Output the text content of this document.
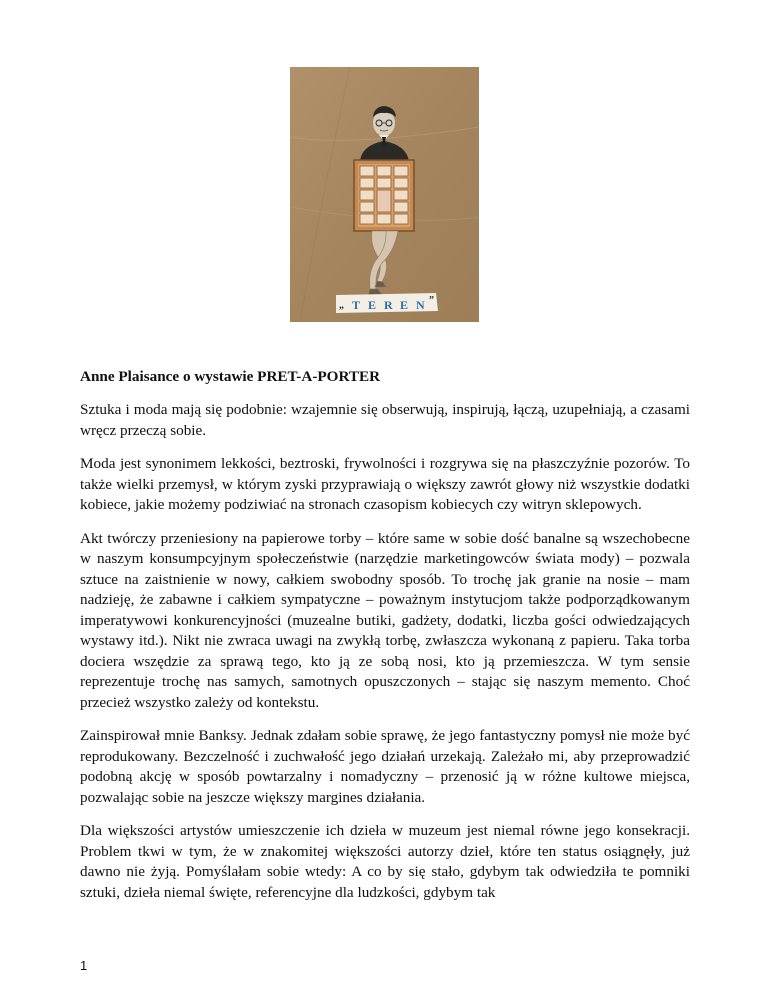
„ T E R E N ”

Anne Plaisance o wystawie PRET-A-PORTER

Sztuka i moda mają się podobnie: wzajemnie się obserwują, inspirują, łączą, uzupełniają, a czasami wręcz przeczą sobie.

Moda jest synonimem lekkości, beztroski, frywolności i rozgrywa się na płaszczyźnie pozorów. To także wielki przemysł, w którym zyski przyprawiają o większy zawrót głowy niż wszystkie dodatki kobiece, jakie możemy podziwiać na stronach czasopism kobiecych czy witryn sklepowych.

Akt twórczy przeniesiony na papierowe torby – które same w sobie dość banalne są wszechobecne w naszym konsumpcyjnym społeczeństwie (narzędzie marketingowców świata mody) – pozwala sztuce na zaistnienie w nowy, całkiem swobodny sposób. To trochę jak granie na nosie – mam nadzieję, że zabawne i całkiem sympatyczne – poważnym instytucjom także podporządkowanym imperatywowi konkurencyjności (muzealne butiki, gadżety, dodatki, liczba gości odwiedzających wystawy itd.). Nikt nie zwraca uwagi na zwykłą torbę, zwłaszcza wykonaną z papieru. Taka torba dociera wszędzie za sprawą tego, kto ją ze sobą nosi, kto ją przemieszcza. W tym sensie reprezentuje trochę nas samych, samotnych opuszczonych – stając się naszym memento. Choć przecież wszystko zależy od kontekstu.

Zainspirował mnie Banksy. Jednak zdałam sobie sprawę, że jego fantastyczny pomysł nie może być reprodukowany. Bezczelność i zuchwałość jego działań urzekają. Zależało mi, aby przeprowadzić podobną akcję w sposób powtarzalny i nomadyczny – przenosić ją w różne kultowe miejsca, pozwalając sobie na jeszcze większy margines działania.

Dla większości artystów umieszczenie ich dzieła w muzeum jest niemal równe jego konsekracji. Problem tkwi w tym, że w znakomitej większości autorzy dzieł, które ten status osiągnęły, już dawno nie żyją. Pomyślałam sobie wtedy: A co by się stało, gdybym tak odwiedziła te pomniki sztuki, dzieła niemal święte, referencyjne dla ludzkości, gdybym tak

1
